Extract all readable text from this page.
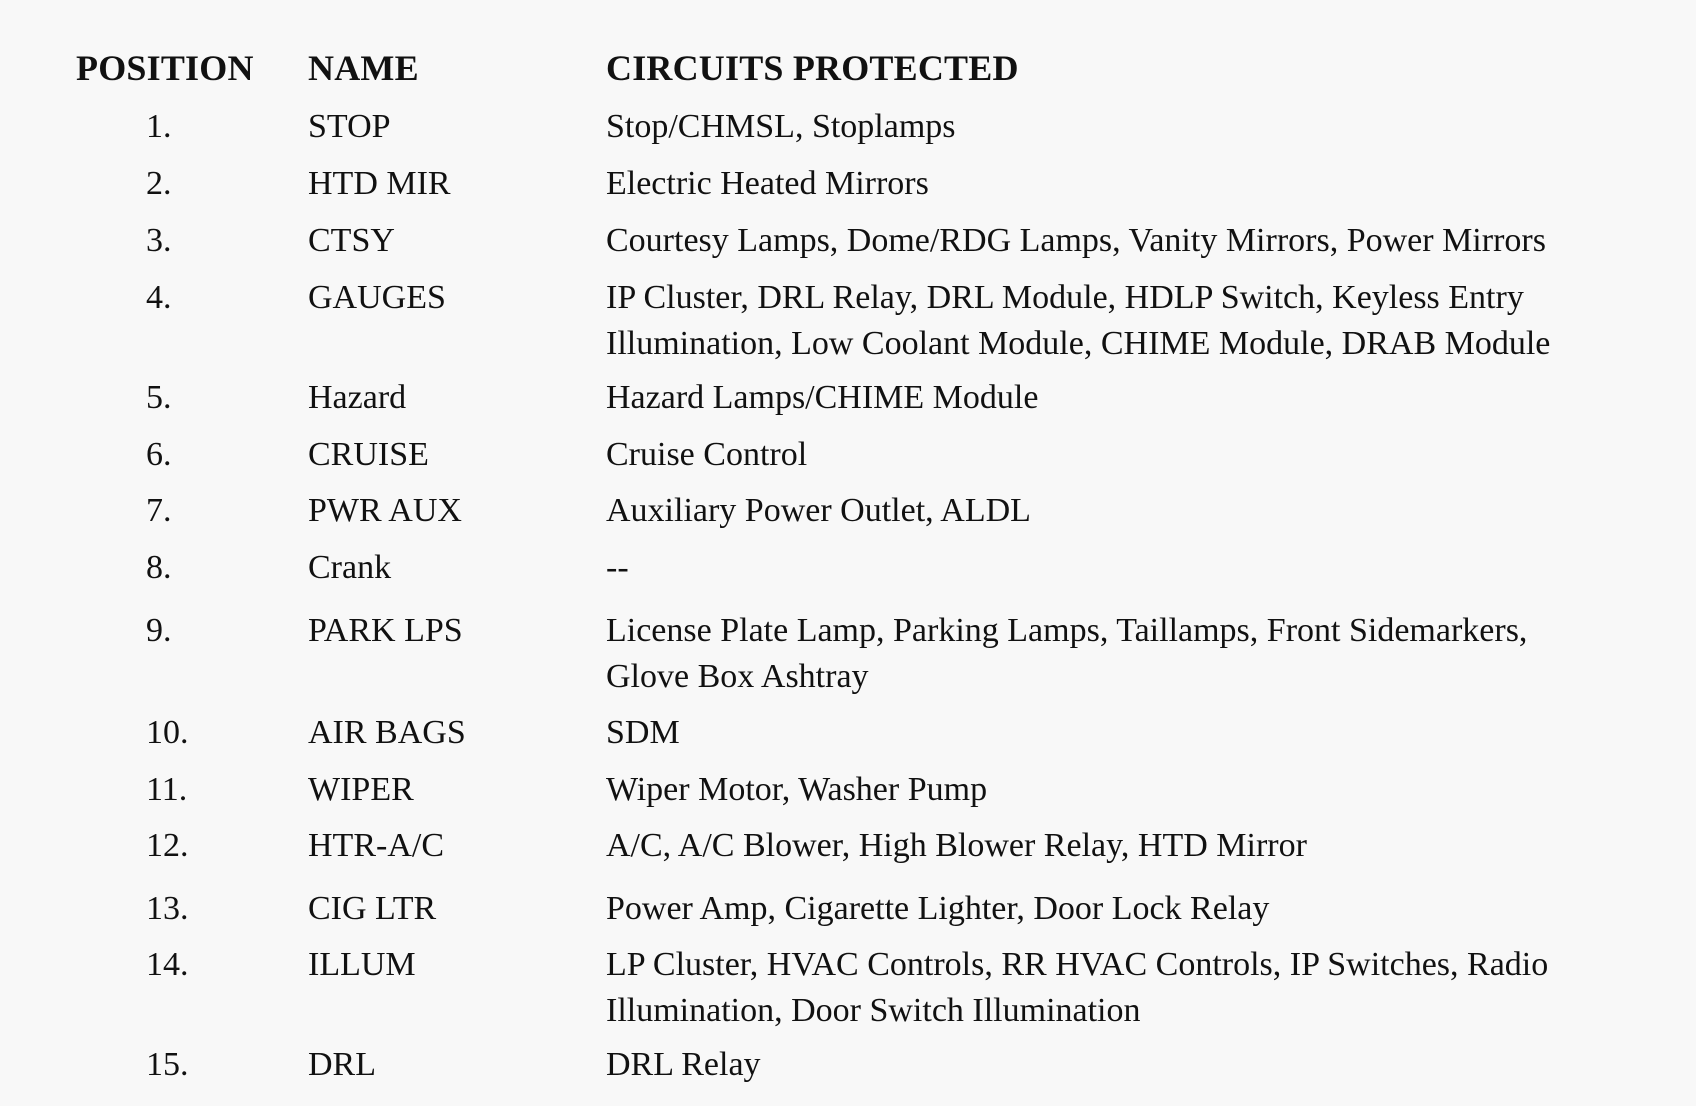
POSITION	NAME	CIRCUITS PROTECTED
1.	STOP	Stop/CHMSL, Stoplamps
2.	HTD MIR	Electric Heated Mirrors
3.	CTSY	Courtesy Lamps, Dome/RDG Lamps, Vanity Mirrors, Power Mirrors
4.	GAUGES	IP Cluster, DRL Relay, DRL Module, HDLP Switch, Keyless Entry
Illumination, Low Coolant Module, CHIME Module, DRAB Module
5.	Hazard	Hazard Lamps/CHIME Module
6.	CRUISE	Cruise Control
7.	PWR AUX	Auxiliary Power Outlet, ALDL
8.	Crank	--
9.	PARK LPS	License Plate Lamp, Parking Lamps, Taillamps, Front Sidemarkers,
Glove Box Ashtray
10.	AIR BAGS	SDM
11.	WIPER	Wiper Motor, Washer Pump
12.	HTR-A/C	A/C, A/C Blower, High Blower Relay, HTD Mirror
13.	CIG LTR	Power Amp, Cigarette Lighter, Door Lock Relay
14.	ILLUM	LP Cluster, HVAC Controls, RR HVAC Controls, IP Switches, Radio
Illumination, Door Switch Illumination
15.	DRL	DRL Relay
